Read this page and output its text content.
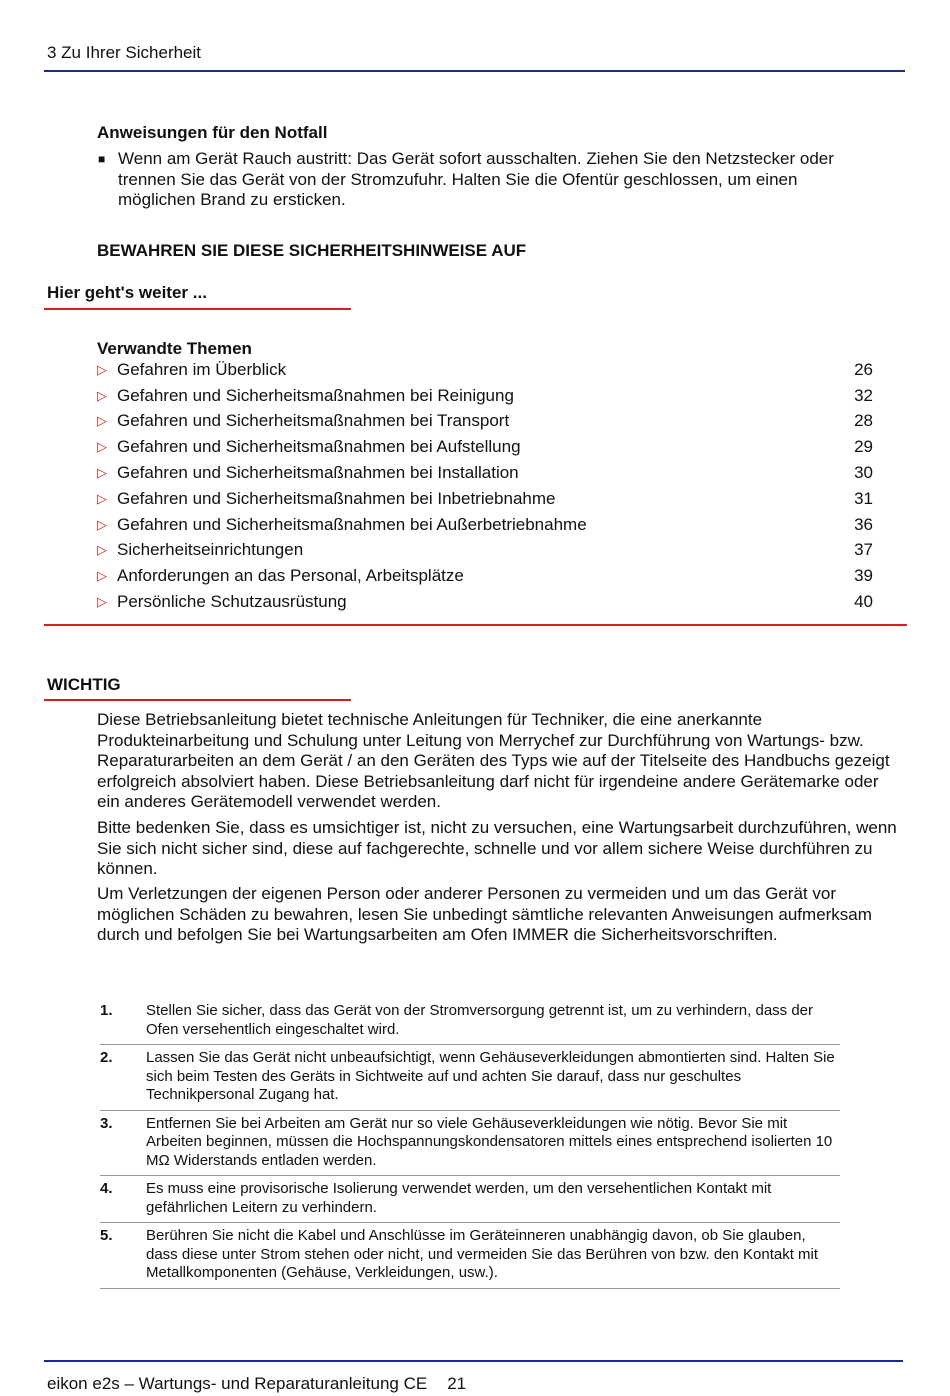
3 Zu Ihrer Sicherheit
Anweisungen für den Notfall
■ Wenn am Gerät Rauch austritt: Das Gerät sofort ausschalten. Ziehen Sie den Netzstecker oder trennen Sie das Gerät von der Stromzufuhr. Halten Sie die Ofentür geschlossen, um einen möglichen Brand zu ersticken.
BEWAHREN SIE DIESE SICHERHEITSHINWEISE AUF
Hier geht's weiter ...
Verwandte Themen
▷ Gefahren im Überblick	26
▷ Gefahren und Sicherheitsmaßnahmen bei Reinigung	32
▷ Gefahren und Sicherheitsmaßnahmen bei Transport	28
▷ Gefahren und Sicherheitsmaßnahmen bei Aufstellung	29
▷ Gefahren und Sicherheitsmaßnahmen bei Installation	30
▷ Gefahren und Sicherheitsmaßnahmen bei Inbetriebnahme	31
▷ Gefahren und Sicherheitsmaßnahmen bei Außerbetriebnahme	36
▷ Sicherheitseinrichtungen	37
▷ Anforderungen an das Personal, Arbeitsplätze	39
▷ Persönliche Schutzausrüstung	40
WICHTIG
Diese Betriebsanleitung bietet technische Anleitungen für Techniker, die eine anerkannte Produkteinarbeitung und Schulung unter Leitung von Merrychef zur Durchführung von Wartungs- bzw. Reparaturarbeiten an dem Gerät / an den Geräten des Typs wie auf der Titelseite des Handbuchs gezeigt erfolgreich absolviert haben. Diese Betriebsanleitung darf nicht für irgendeine andere Gerätemarke oder ein anderes Gerätemodell verwendet werden.
Bitte bedenken Sie, dass es umsichtiger ist, nicht zu versuchen, eine Wartungsarbeit durchzuführen, wenn Sie sich nicht sicher sind, diese auf fachgerechte, schnelle und vor allem sichere Weise durchführen zu können.
Um Verletzungen der eigenen Person oder anderer Personen zu vermeiden und um das Gerät vor möglichen Schäden zu bewahren, lesen Sie unbedingt sämtliche relevanten Anweisungen aufmerksam durch und befolgen Sie bei Wartungsarbeiten am Ofen IMMER die Sicherheitsvorschriften.
1.	Stellen Sie sicher, dass das Gerät von der Stromversorgung getrennt ist, um zu verhindern, dass der Ofen versehentlich eingeschaltet wird.
2.	Lassen Sie das Gerät nicht unbeaufsichtigt, wenn Gehäuseverkleidungen abmontierten sind. Halten Sie sich beim Testen des Geräts in Sichtweite auf und achten Sie darauf, dass nur geschultes Technikpersonal Zugang hat.
3.	Entfernen Sie bei Arbeiten am Gerät nur so viele Gehäuseverkleidungen wie nötig. Bevor Sie mit Arbeiten beginnen, müssen die Hochspannungskondensatoren mittels eines entsprechend isolierten 10 MΩ Widerstands entladen werden.
4.	Es muss eine provisorische Isolierung verwendet werden, um den versehentlichen Kontakt mit gefährlichen Leitern zu verhindern.
5.	Berühren Sie nicht die Kabel und Anschlüsse im Geräteinneren unabhängig davon, ob Sie glauben, dass diese unter Strom stehen oder nicht, und vermeiden Sie das Berühren von bzw. den Kontakt mit Metallkomponenten (Gehäuse, Verkleidungen, usw.).
eikon e2s – Wartungs- und Reparaturanleitung CE 21
